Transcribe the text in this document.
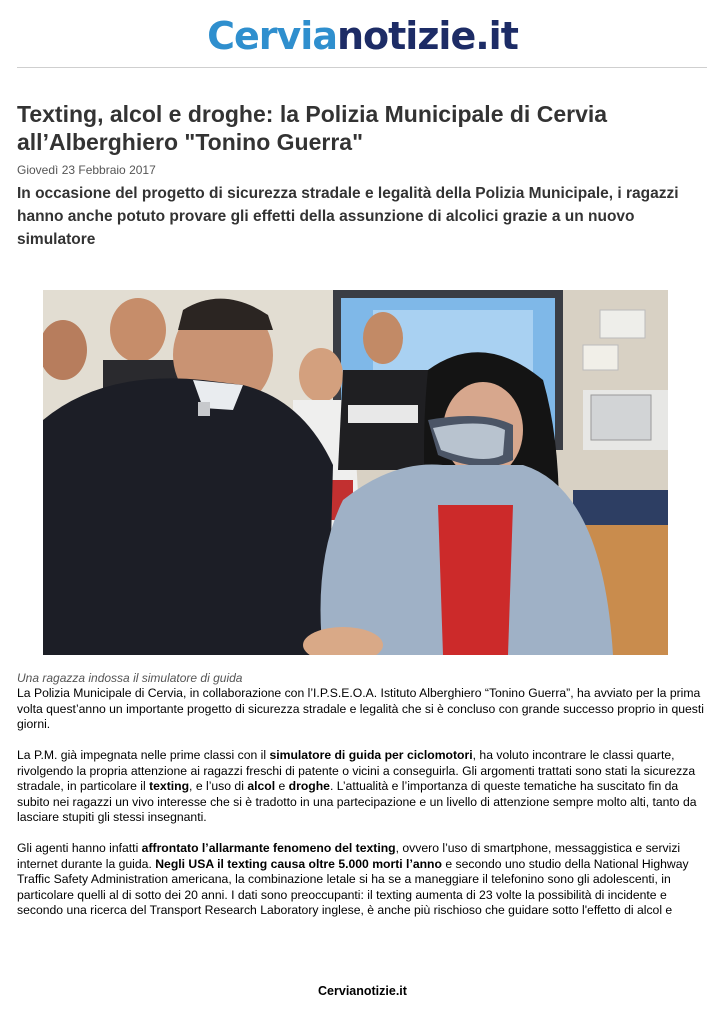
Cervianotizie.it
Texting, alcol e droghe: la Polizia Municipale di Cervia all’Alberghiero "Tonino Guerra"
Giovedì 23 Febbraio 2017

In occasione del progetto di sicurezza stradale e legalità della Polizia Municipale, i ragazzi hanno anche potuto provare gli effetti della assunzione di alcolici grazie a un nuovo simulatore

Una ragazza indossa il simulatore di guida

La Polizia Municipale di Cervia, in collaborazione con l’I.P.S.E.O.A. Istituto Alberghiero “Tonino Guerra”, ha avviato per la prima volta quest’anno un importante progetto di sicurezza stradale e legalità che si è concluso con grande successo proprio in questi giorni.

La P.M. già impegnata nelle prime classi con il simulatore di guida per ciclomotori, ha voluto incontrare le classi quarte, rivolgendo la propria attenzione ai ragazzi freschi di patente o vicini a conseguirla. Gli argomenti trattati sono stati la sicurezza stradale, in particolare il texting, e l’uso di alcol e droghe. L’attualità e l’importanza di queste tematiche ha suscitato fin da subito nei ragazzi un vivo interesse che si è tradotto in una partecipazione e un livello di attenzione sempre molto alti, tanto da lasciare stupiti gli stessi insegnanti.

Gli agenti hanno infatti affrontato l’allarmante fenomeno del texting, ovvero l’uso di smartphone, messaggistica e servizi internet durante la guida. Negli USA il texting causa oltre 5.000 morti l’anno e secondo uno studio della National Highway Traffic Safety Administration americana, la combinazione letale si ha se a maneggiare il telefonino sono gli adolescenti, in particolare quelli al di sotto dei 20 anni. I dati sono preoccupanti: il texting aumenta di 23 volte la possibilità di incidente e secondo una ricerca del Transport Research Laboratory inglese, è anche più rischioso che guidare sotto l'effetto di alcol e

Cervianotizie.it
